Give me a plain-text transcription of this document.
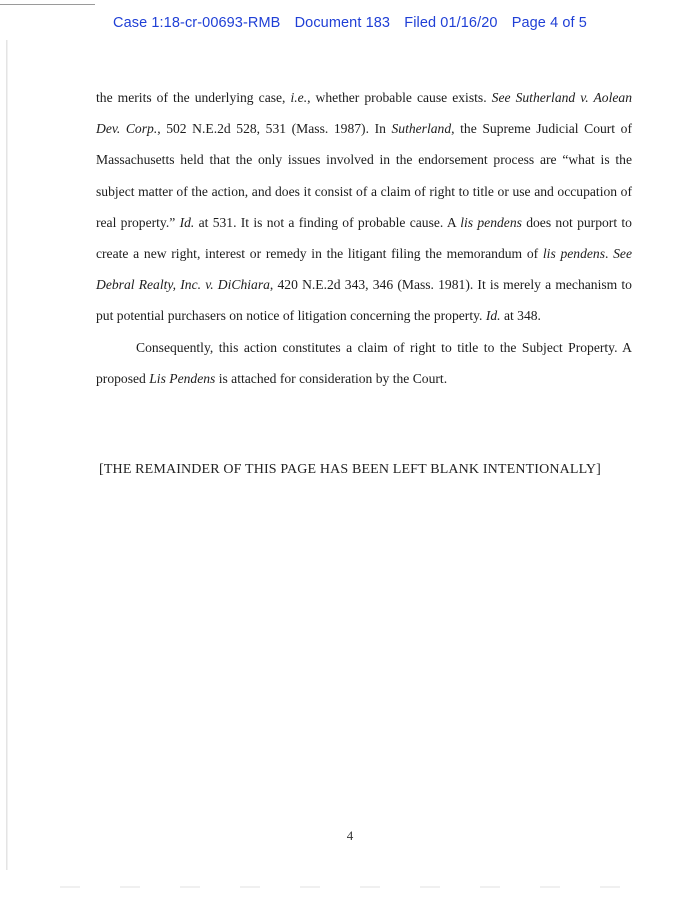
Case 1:18-cr-00693-RMB Document 183 Filed 01/16/20 Page 4 of 5

the merits of the underlying case, i.e., whether probable cause exists. See Sutherland v. Aolean Dev. Corp., 502 N.E.2d 528, 531 (Mass. 1987). In Sutherland, the Supreme Judicial Court of Massachusetts held that the only issues involved in the endorsement process are “what is the subject matter of the action, and does it consist of a claim of right to title or use and occupation of real property.” Id. at 531. It is not a finding of probable cause. A lis pendens does not purport to create a new right, interest or remedy in the litigant filing the memorandum of lis pendens. See Debral Realty, Inc. v. DiChiara, 420 N.E.2d 343, 346 (Mass. 1981). It is merely a mechanism to put potential purchasers on notice of litigation concerning the property. Id. at 348.

Consequently, this action constitutes a claim of right to title to the Subject Property. A proposed Lis Pendens is attached for consideration by the Court.

[THE REMAINDER OF THIS PAGE HAS BEEN LEFT BLANK INTENTIONALLY]
4
